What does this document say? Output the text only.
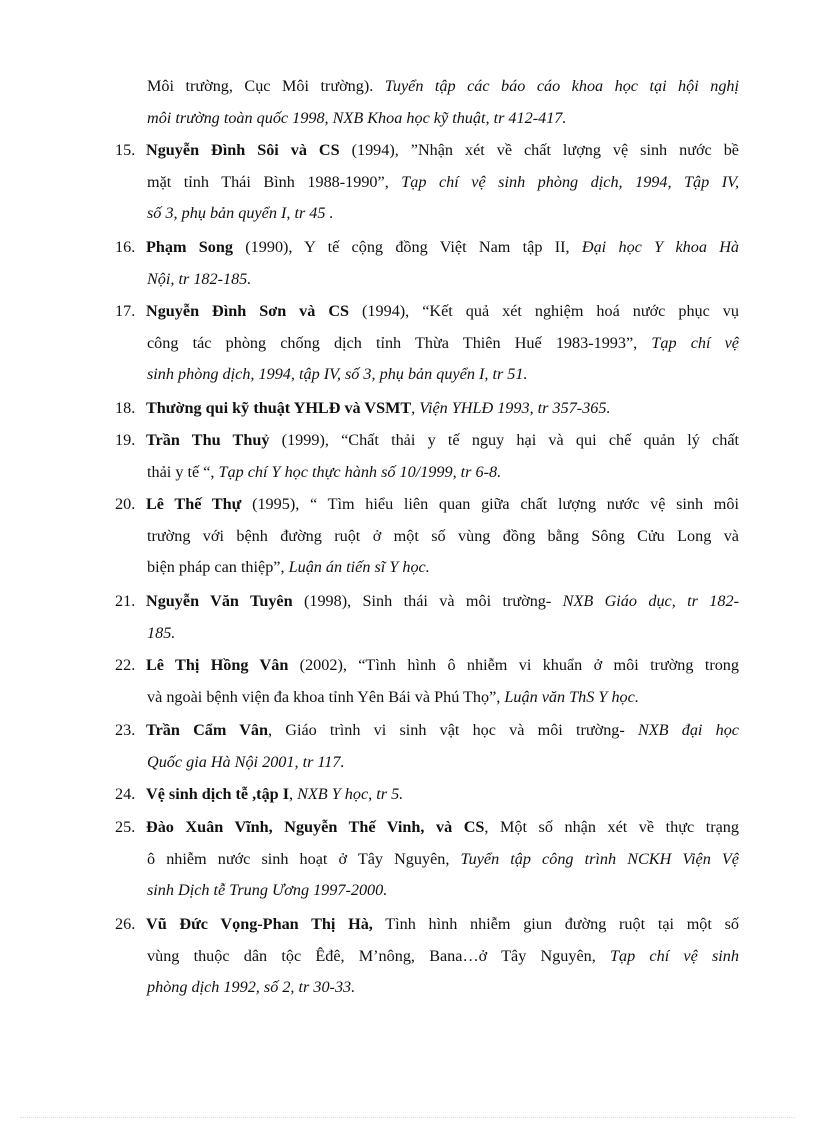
Môi trường, Cục Môi trường). Tuyển tập các báo cáo khoa học tại hội nghị
môi trường toàn quốc 1998, NXB Khoa học kỹ thuật, tr 412-417.
15. Nguyễn Đình Sôi và CS (1994), ”Nhận xét về chất lượng vệ sinh nước bề
mặt tỉnh Thái Bình 1988-1990”, Tạp chí vệ sinh phòng dịch, 1994, Tập IV,
số 3, phụ bản quyển I, tr 45 .
16. Phạm Song (1990), Y tế cộng đồng Việt Nam tập II, Đại học Y khoa Hà
Nội, tr 182-185.
17. Nguyễn Đình Sơn và CS (1994), “Kết quả xét nghiệm hoá nước phục vụ
công tác phòng chống dịch tỉnh Thừa Thiên Huế 1983-1993”, Tạp chí vệ
sinh phòng dịch, 1994, tập IV, số 3, phụ bản quyển I, tr 51.
18. Thường qui kỹ thuật YHLĐ và VSMT, Viện YHLĐ 1993, tr 357-365.
19. Trần Thu Thuỷ (1999), “Chất thải y tế nguy hại và qui chế quản lý chất
thải y tế “, Tạp chí Y học thực hành số 10/1999, tr 6-8.
20. Lê Thế Thự (1995), “ Tìm hiểu liên quan giữa chất lượng nước vệ sinh môi
trường với bệnh đường ruột ở một số vùng đồng bằng Sông Cửu Long và
biện pháp can thiệp”, Luận án tiến sĩ Y học.
21. Nguyễn Văn Tuyên (1998), Sinh thái và môi trường- NXB Giáo dục, tr 182-
185.
22. Lê Thị Hồng Vân (2002), “Tình hình ô nhiễm vi khuẩn ở môi trường trong
và ngoài bệnh viện đa khoa tỉnh Yên Bái và Phú Thọ”, Luận văn ThS Y học.
23. Trần Cẩm Vân, Giáo trình vi sinh vật học và môi trường- NXB đại học
Quốc gia Hà Nội 2001, tr 117.
24. Vệ sinh dịch tễ ,tập I, NXB Y học, tr 5.
25. Đào Xuân Vĩnh, Nguyễn Thế Vinh, và CS, Một số nhận xét về thực trạng
ô nhiễm nước sinh hoạt ở Tây Nguyên, Tuyển tập công trình NCKH Viện Vệ
sinh Dịch tễ Trung Ương 1997-2000.
26. Vũ Đức Vọng-Phan Thị Hà, Tình hình nhiễm giun đường ruột tại một số
vùng thuộc dân tộc Êđê, M’nông, Bana…ở Tây Nguyên, Tạp chí vệ sinh
phòng dịch 1992, số 2, tr 30-33.
